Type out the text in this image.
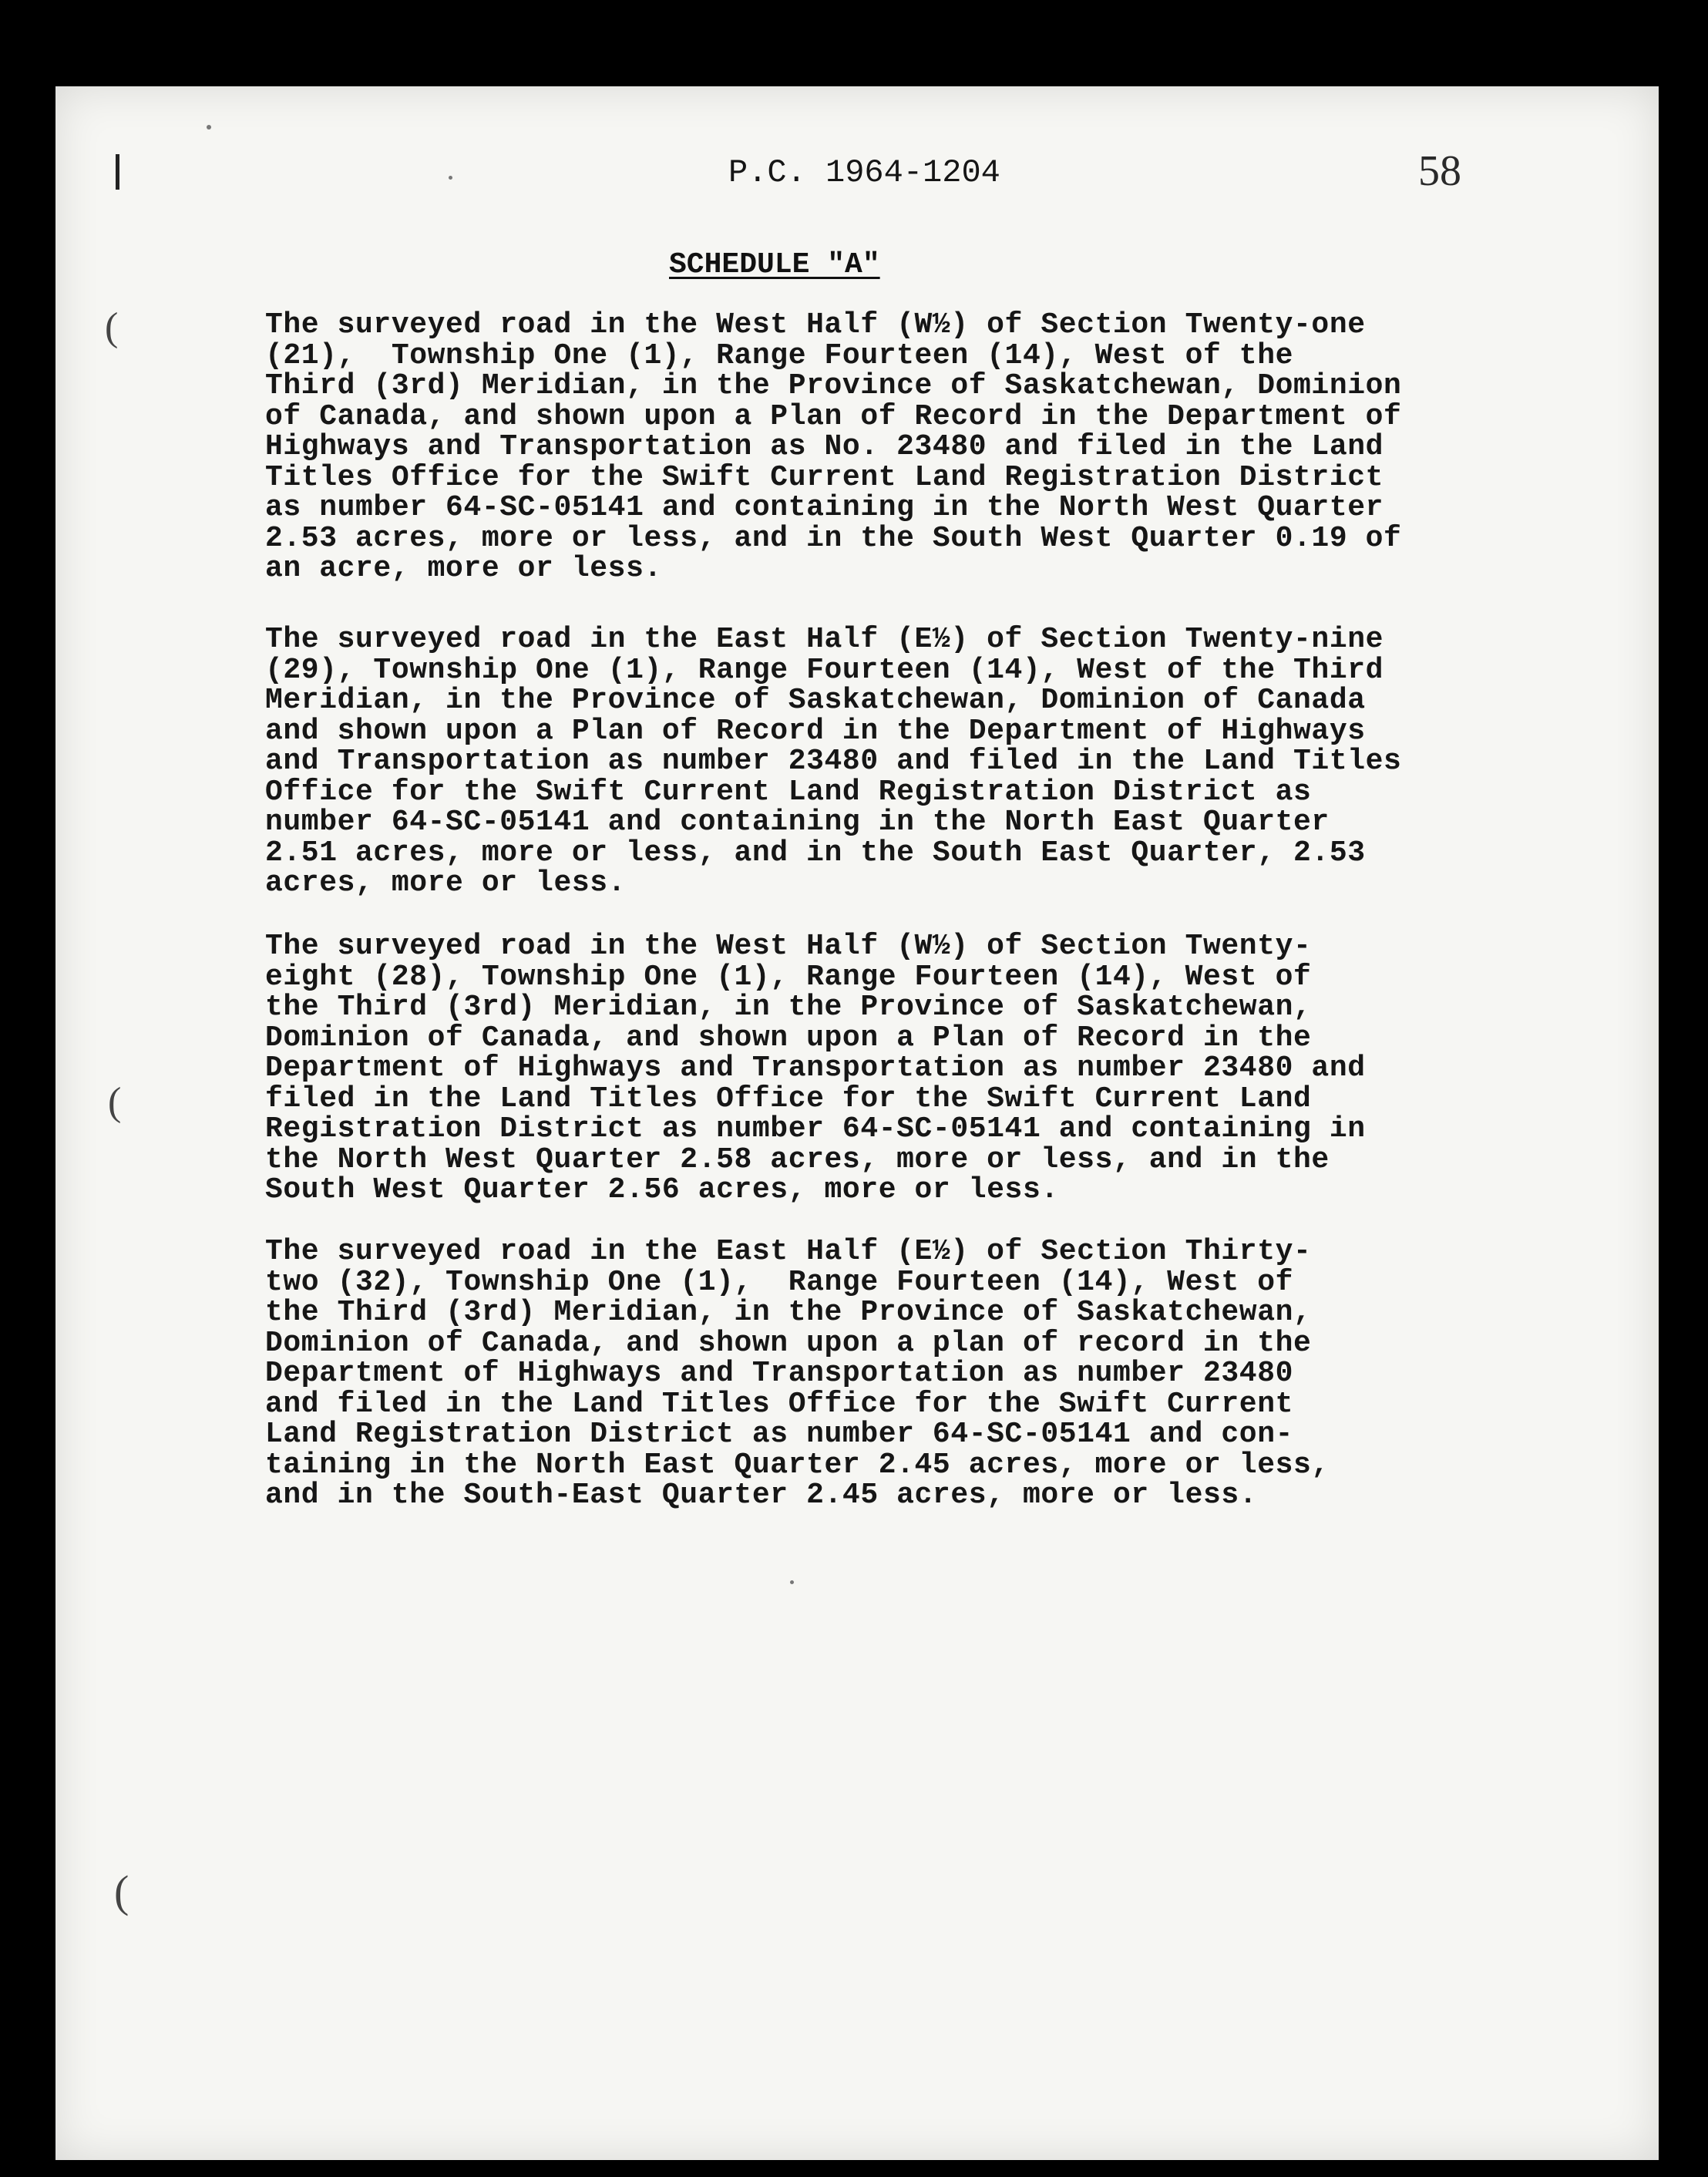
(
(
(
P.C. 1964-1204	58
SCHEDULE "A"

The surveyed road in the West Half (W½) of Section Twenty-one
(21),  Township One (1), Range Fourteen (14), West of the
Third (3rd) Meridian, in the Province of Saskatchewan, Dominion
of Canada, and shown upon a Plan of Record in the Department of
Highways and Transportation as No. 23480 and filed in the Land
Titles Office for the Swift Current Land Registration District
as number 64-SC-05141 and containing in the North West Quarter
2.53 acres, more or less, and in the South West Quarter 0.19 of
an acre, more or less.

The surveyed road in the East Half (E½) of Section Twenty-nine
(29), Township One (1), Range Fourteen (14), West of the Third
Meridian, in the Province of Saskatchewan, Dominion of Canada
and shown upon a Plan of Record in the Department of Highways
and Transportation as number 23480 and filed in the Land Titles
Office for the Swift Current Land Registration District as
number 64-SC-05141 and containing in the North East Quarter
2.51 acres, more or less, and in the South East Quarter, 2.53
acres, more or less.

The surveyed road in the West Half (W½) of Section Twenty-
eight (28), Township One (1), Range Fourteen (14), West of
the Third (3rd) Meridian, in the Province of Saskatchewan,
Dominion of Canada, and shown upon a Plan of Record in the
Department of Highways and Transportation as number 23480 and
filed in the Land Titles Office for the Swift Current Land
Registration District as number 64-SC-05141 and containing in
the North West Quarter 2.58 acres, more or less, and in the
South West Quarter 2.56 acres, more or less.

The surveyed road in the East Half (E½) of Section Thirty-
two (32), Township One (1),  Range Fourteen (14), West of
the Third (3rd) Meridian, in the Province of Saskatchewan,
Dominion of Canada, and shown upon a plan of record in the
Department of Highways and Transportation as number 23480
and filed in the Land Titles Office for the Swift Current
Land Registration District as number 64-SC-05141 and con-
taining in the North East Quarter 2.45 acres, more or less,
and in the South-East Quarter 2.45 acres, more or less.
